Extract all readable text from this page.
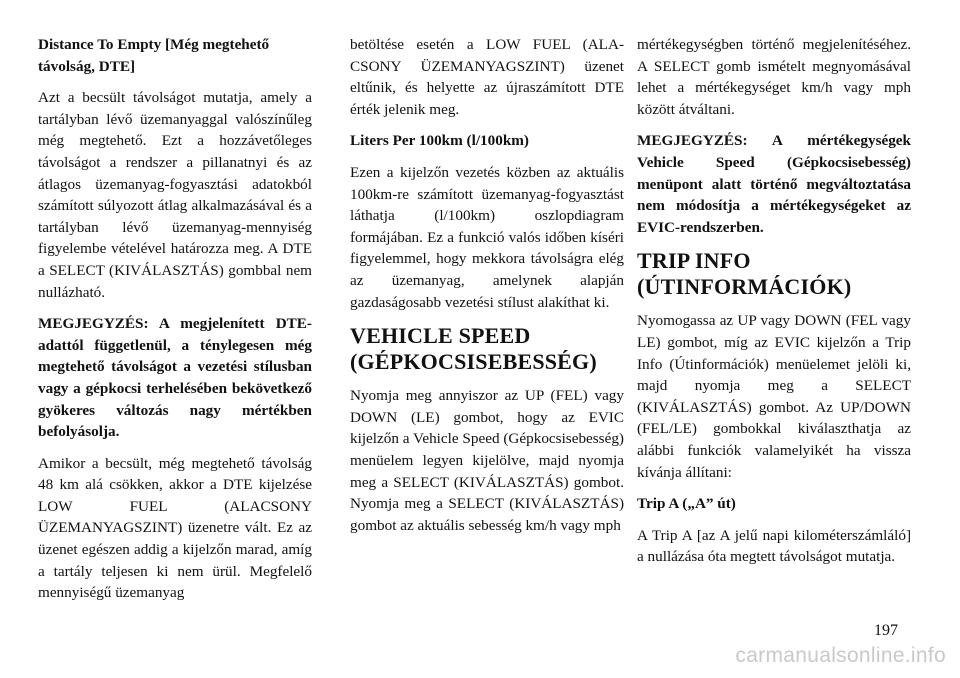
Distance To Empty [Még megtehető távolság, DTE]

Azt a becsült távolságot mutatja, amely a tartályban lévő üzemanyaggal valószínűleg még megtehető. Ezt a hozzávetőleges távolságot a rendszer a pillanatnyi és az átlagos üzemanyag-fogyasztási adatokból számított súlyozott átlag alkalmazásával és a tartályban lévő üzemanyag-mennyiség figyelembe vételével határozza meg. A DTE a SELECT (KIVÁLASZTÁS) gombbal nem nullázható.

MEGJEGYZÉS: A megjelenített DTE-adattól függetlenül, a ténylegesen még megtehető távolságot a vezetési stílusban vagy a gépkocsi terhelésében bekövetkező gyökeres változás nagy mértékben befolyásolja.

Amikor a becsült, még megtehető távolság 48 km alá csökken, akkor a DTE kijelzése LOW FUEL (ALACSONY ÜZEMANYAGSZINT) üzenetre vált. Ez az üzenet egészen addig a kijelzőn marad, amíg a tartály teljesen ki nem ürül. Megfelelő mennyiségű üzemanyag

betöltése esetén a LOW FUEL (ALACSONY ÜZEMANYAGSZINT) üzenet eltűnik, és helyette az újraszámított DTE érték jelenik meg.

Liters Per 100km (l/100km)

Ezen a kijelzőn vezetés közben az aktuális 100km-re számított üzemanyag-fogyasztást láthatja (l/100km) oszlopdiagram formájában. Ez a funkció valós időben kíséri figyelemmel, hogy mekkora távolságra elég az üzemanyag, amelynek alapján gazdaságosabb vezetési stílust alakíthat ki.

VEHICLE SPEED
(GÉPKOCSISEBESSÉG)

Nyomja meg annyiszor az UP (FEL) vagy DOWN (LE) gombot, hogy az EVIC kijelzőn a Vehicle Speed (Gépkocsisebesség) menüelem legyen kijelölve, majd nyomja meg a SELECT (KIVÁLASZTÁS) gombot. Nyomja meg a SELECT (KIVÁLASZTÁS) gombot az aktuális sebesség km/h vagy mph

mértékegységben történő megjelenítéséhez. A SELECT gomb ismételt megnyomásával lehet a mértékegységet km/h vagy mph között átváltani.

MEGJEGYZÉS: A mértékegységek Vehicle Speed (Gépkocsisebesség) menüpont alatt történő megváltoztatása nem módosítja a mértékegységeket az EVIC-rendszerben.

TRIP INFO
(ÚTINFORMÁCIÓK)

Nyomogassa az UP vagy DOWN (FEL vagy LE) gombot, míg az EVIC kijelzőn a Trip Info (Útinformációk) menüelemet jelöli ki, majd nyomja meg a SELECT (KIVÁLASZTÁS) gombot. Az UP/DOWN (FEL/LE) gombokkal kiválaszthatja az alábbi funkciók valamelyikét ha vissza kívánja állítani:

Trip A („A” út)

A Trip A [az A jelű napi kilométerszámláló] a nullázása óta megtett távolságot mutatja.

197
carmanualsonline.info
